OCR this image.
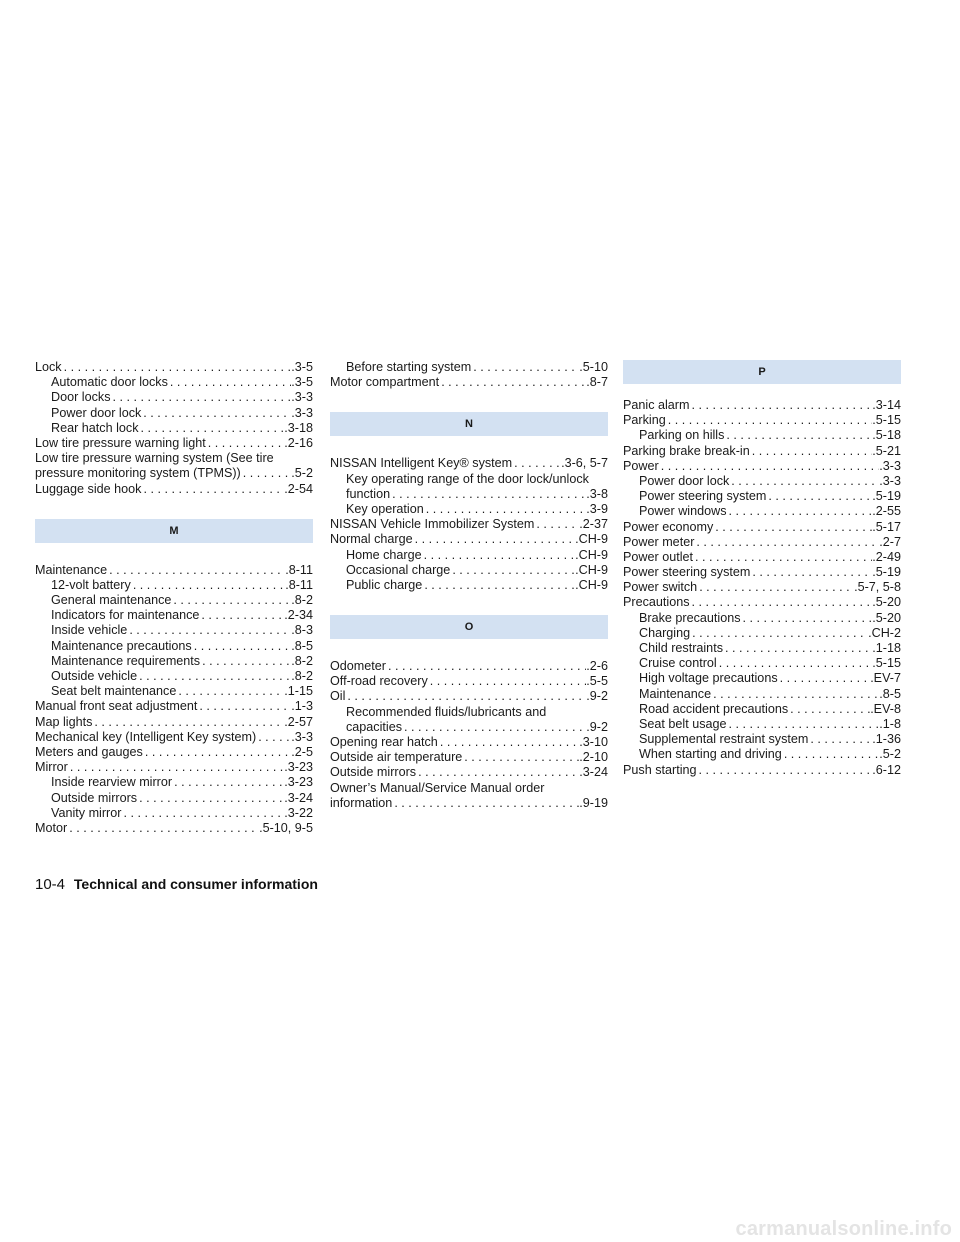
Lock . . .	.3-5
Automatic door locks . . .	.3-5
Door locks . . .	.3-3
Power door lock . . .	.3-3
Rear hatch lock . . .	.3-18
Low tire pressure warning light . . .	.2-16
Low tire pressure warning system (See tire
pressure monitoring system (TPMS)) . . .	.5-2
Luggage side hook . . .	.2-54
M
Maintenance . . .	.8-11
12-volt battery . . .	.8-11
General maintenance . . .	.8-2
Indicators for maintenance . . .	.2-34
Inside vehicle . . .	.8-3
Maintenance precautions . . .	.8-5
Maintenance requirements . . .	.8-2
Outside vehicle . . .	.8-2
Seat belt maintenance . . .	.1-15
Manual front seat adjustment . . .	.1-3
Map lights . . .	.2-57
Mechanical key (Intelligent Key system) . . .	.3-3
Meters and gauges . . .	.2-5
Mirror . . .	.3-23
Inside rearview mirror . . .	.3-23
Outside mirrors . . .	.3-24
Vanity mirror . . .	.3-22
Motor . . .	.5-10, 9-5
Before starting system . . .	.5-10
Motor compartment . . .	.8-7
N
NISSAN Intelligent Key® system . . .	.3-6, 5-7
Key operating range of the door lock/unlock
function . . .	.3-8
Key operation . . .	.3-9
NISSAN Vehicle Immobilizer System . . .	.2-37
Normal charge . . .	.CH-9
Home charge . . .	.CH-9
Occasional charge . . .	.CH-9
Public charge . . .	.CH-9
O
Odometer . . .	.2-6
Off-road recovery . . .	.5-5
Oil . . .	.9-2
Recommended fluids/lubricants and
capacities . . .	.9-2
Opening rear hatch . . .	.3-10
Outside air temperature . . .	.2-10
Outside mirrors . . .	.3-24
Owner’s Manual/Service Manual order
information . . .	.9-19
P
Panic alarm . . .	.3-14
Parking . . .	.5-15
Parking on hills . . .	.5-18
Parking brake break-in . . .	.5-21
Power . . .	.3-3
Power door lock . . .	.3-3
Power steering system . . .	.5-19
Power windows . . .	.2-55
Power economy . . .	.5-17
Power meter . . .	.2-7
Power outlet . . .	.2-49
Power steering system . . .	.5-19
Power switch . . .	.5-7, 5-8
Precautions . . .	.5-20
Brake precautions . . .	.5-20
Charging . . .	.CH-2
Child restraints . . .	.1-18
Cruise control . . .	.5-15
High voltage precautions . . .	.EV-7
Maintenance . . .	.8-5
Road accident precautions . . .	.EV-8
Seat belt usage . . .	.1-8
Supplemental restraint system . . .	.1-36
When starting and driving . . .	.5-2
Push starting . . .	.6-12
10-4 Technical and consumer information
carmanualsonline.info
